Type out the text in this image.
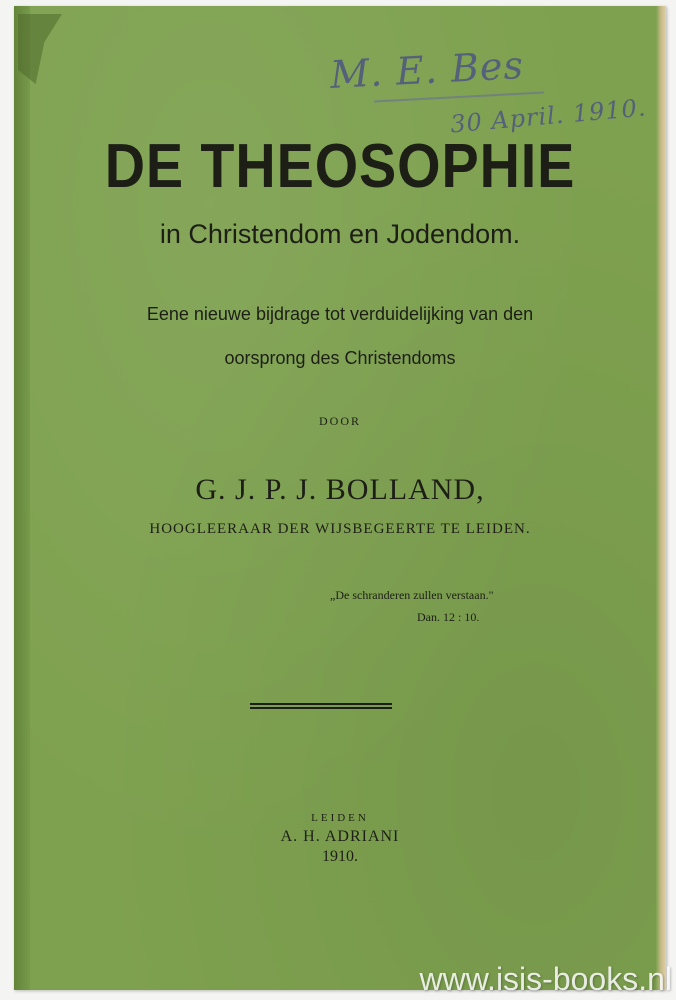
M. E. Bes
30 April. 1910.
DE THEOSOPHIE
in Christendom en Jodendom.
Eene nieuwe bijdrage tot verduidelijking van den
oorsprong des Christendoms
DOOR
G. J. P. J. BOLLAND,
HOOGLEERAAR DER WIJSBEGEERTE TE LEIDEN.
„De schranderen zullen verstaan."
Dan. 12 : 10.
LEIDEN
A. H. ADRIANI
1910.
www.isis-books.nl
